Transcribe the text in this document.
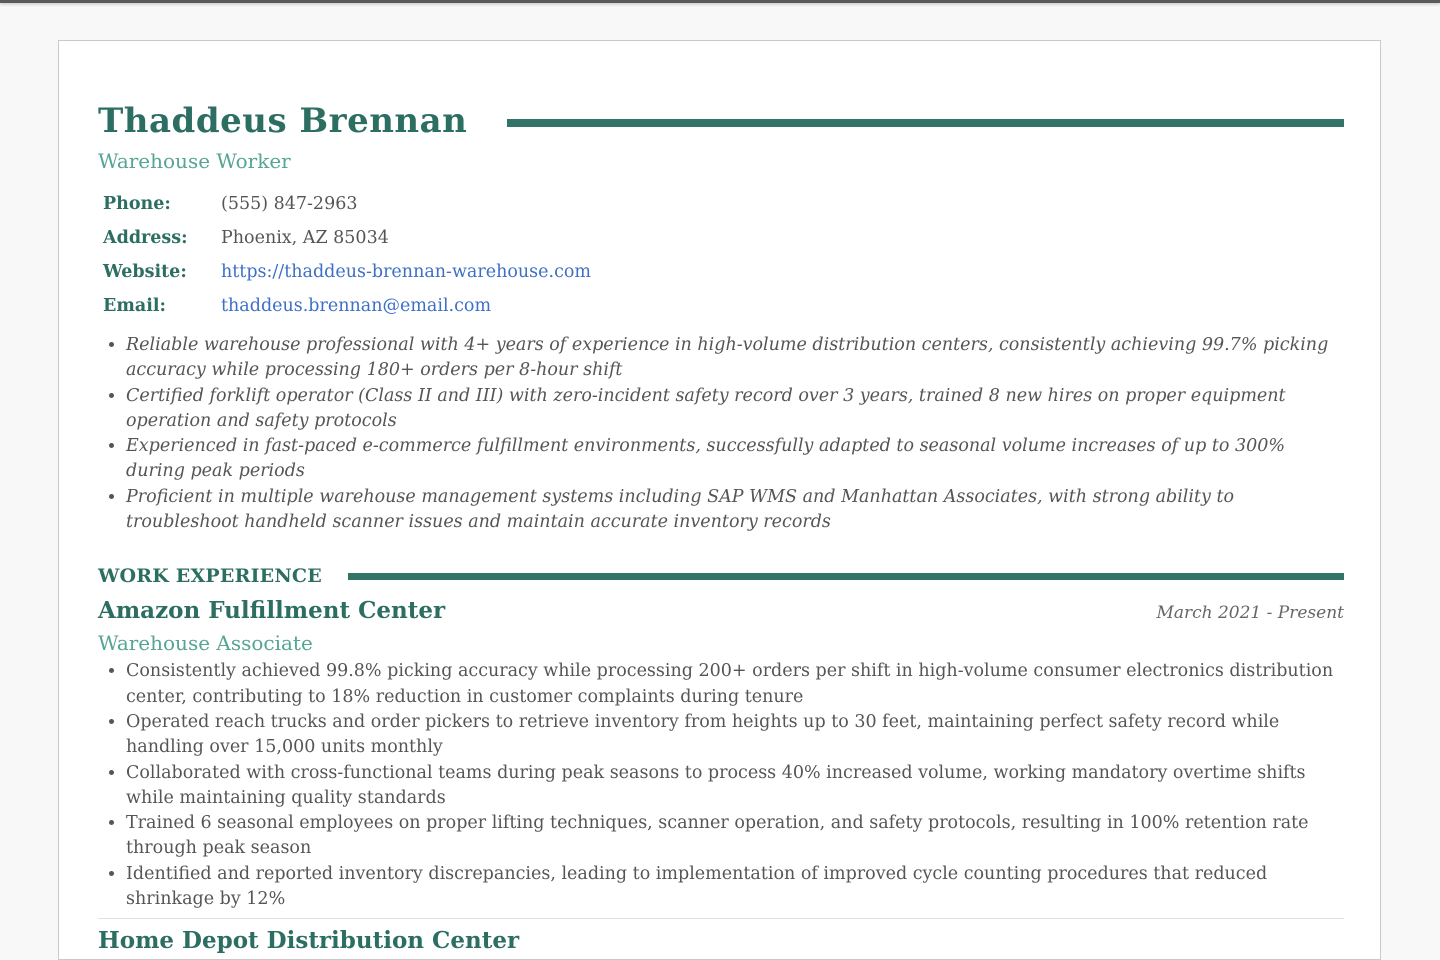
Thaddeus Brennan
Warehouse Worker
Phone:	(555) 847-2963
Address:	Phoenix, AZ 85034
Website:	https://thaddeus-brennan-warehouse.com
Email:	thaddeus.brennan@email.com
• Reliable warehouse professional with 4+ years of experience in high-volume distribution centers, consistently achieving 99.7% picking accuracy while processing 180+ orders per 8-hour shift
• Certified forklift operator (Class II and III) with zero-incident safety record over 3 years, trained 8 new hires on proper equipment operation and safety protocols
• Experienced in fast-paced e-commerce fulfillment environments, successfully adapted to seasonal volume increases of up to 300% during peak periods
• Proficient in multiple warehouse management systems including SAP WMS and Manhattan Associates, with strong ability to troubleshoot handheld scanner issues and maintain accurate inventory records
WORK EXPERIENCE
Amazon Fulfillment Center	March 2021 - Present
Warehouse Associate
• Consistently achieved 99.8% picking accuracy while processing 200+ orders per shift in high-volume consumer electronics distribution center, contributing to 18% reduction in customer complaints during tenure
• Operated reach trucks and order pickers to retrieve inventory from heights up to 30 feet, maintaining perfect safety record while handling over 15,000 units monthly
• Collaborated with cross-functional teams during peak seasons to process 40% increased volume, working mandatory overtime shifts while maintaining quality standards
• Trained 6 seasonal employees on proper lifting techniques, scanner operation, and safety protocols, resulting in 100% retention rate through peak season
• Identified and reported inventory discrepancies, leading to implementation of improved cycle counting procedures that reduced shrinkage by 12%
Home Depot Distribution Center
